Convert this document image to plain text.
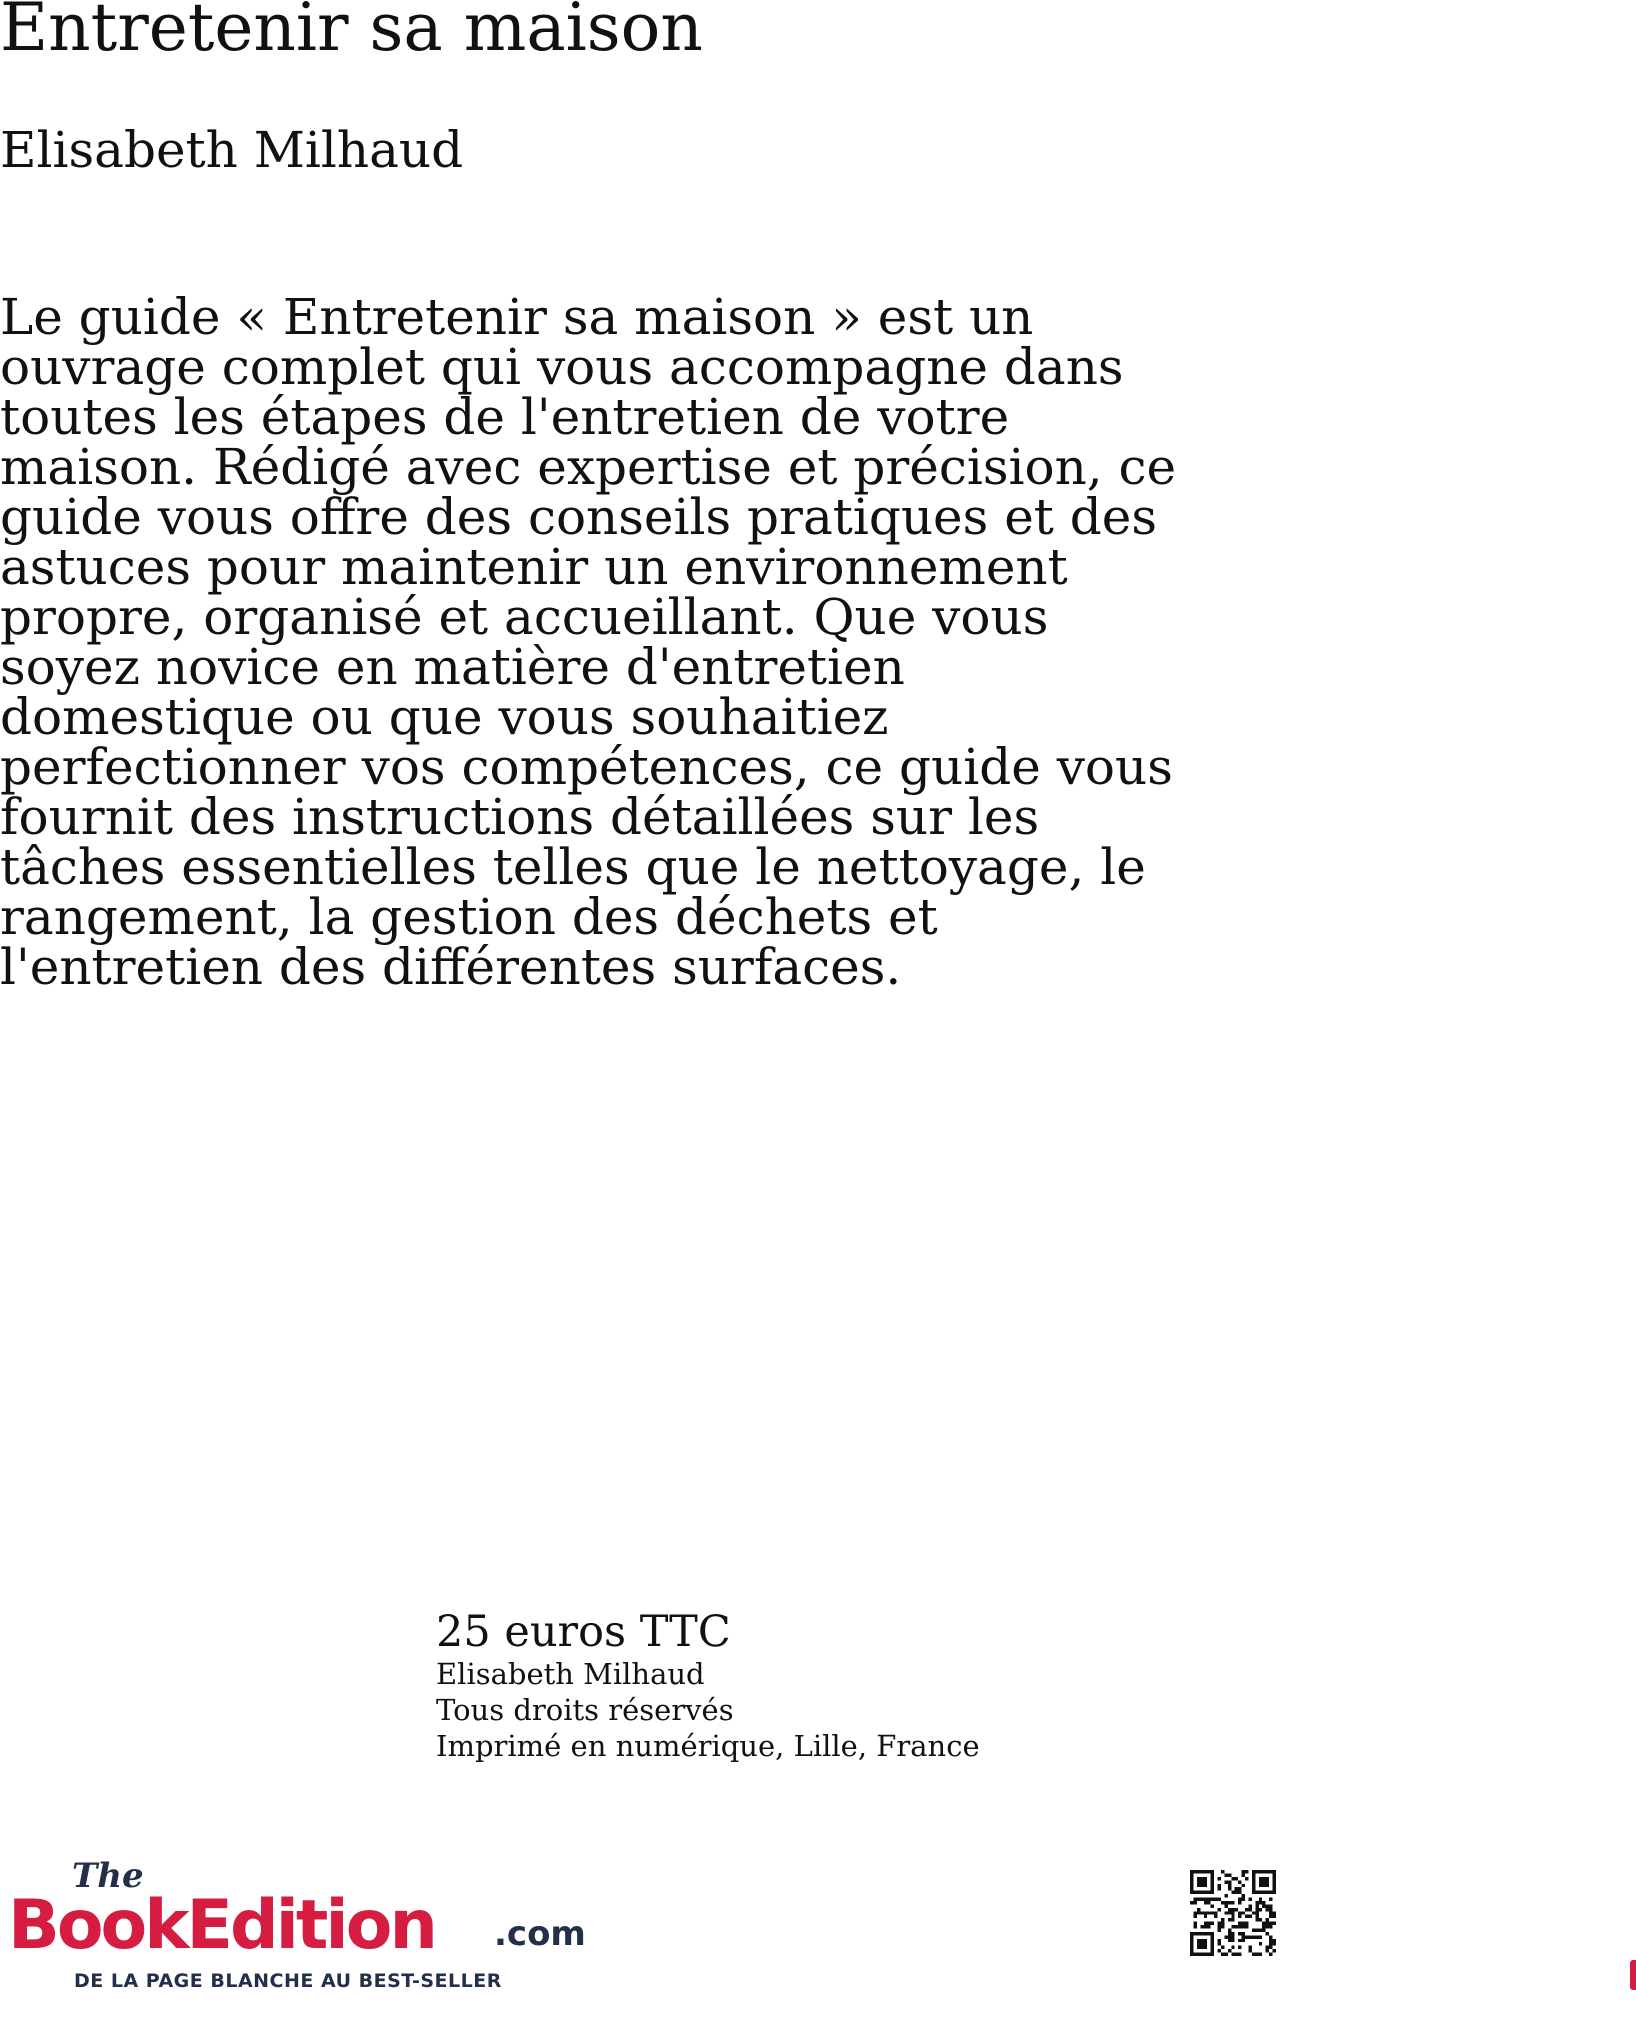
Entretenir sa maison
Elisabeth Milhaud

Le guide « Entretenir sa maison » est un ouvrage complet qui vous accompagne dans toutes les étapes de l'entretien de votre maison. Rédigé avec expertise et précision, ce guide vous offre des conseils pratiques et des astuces pour maintenir un environnement propre, organisé et accueillant. Que vous soyez novice en matière d'entretien domestique ou que vous souhaitiez perfectionner vos compétences, ce guide vous fournit des instructions détaillées sur les tâches essentielles telles que le nettoyage, le rangement, la gestion des déchets et l'entretien des différentes surfaces.

25 euros TTC

Elisabeth Milhaud

Tous droits réservés

Imprimé en numérique, Lille, France

The
BookEdition .com
DE LA PAGE BLANCHE AU BEST-SELLER
